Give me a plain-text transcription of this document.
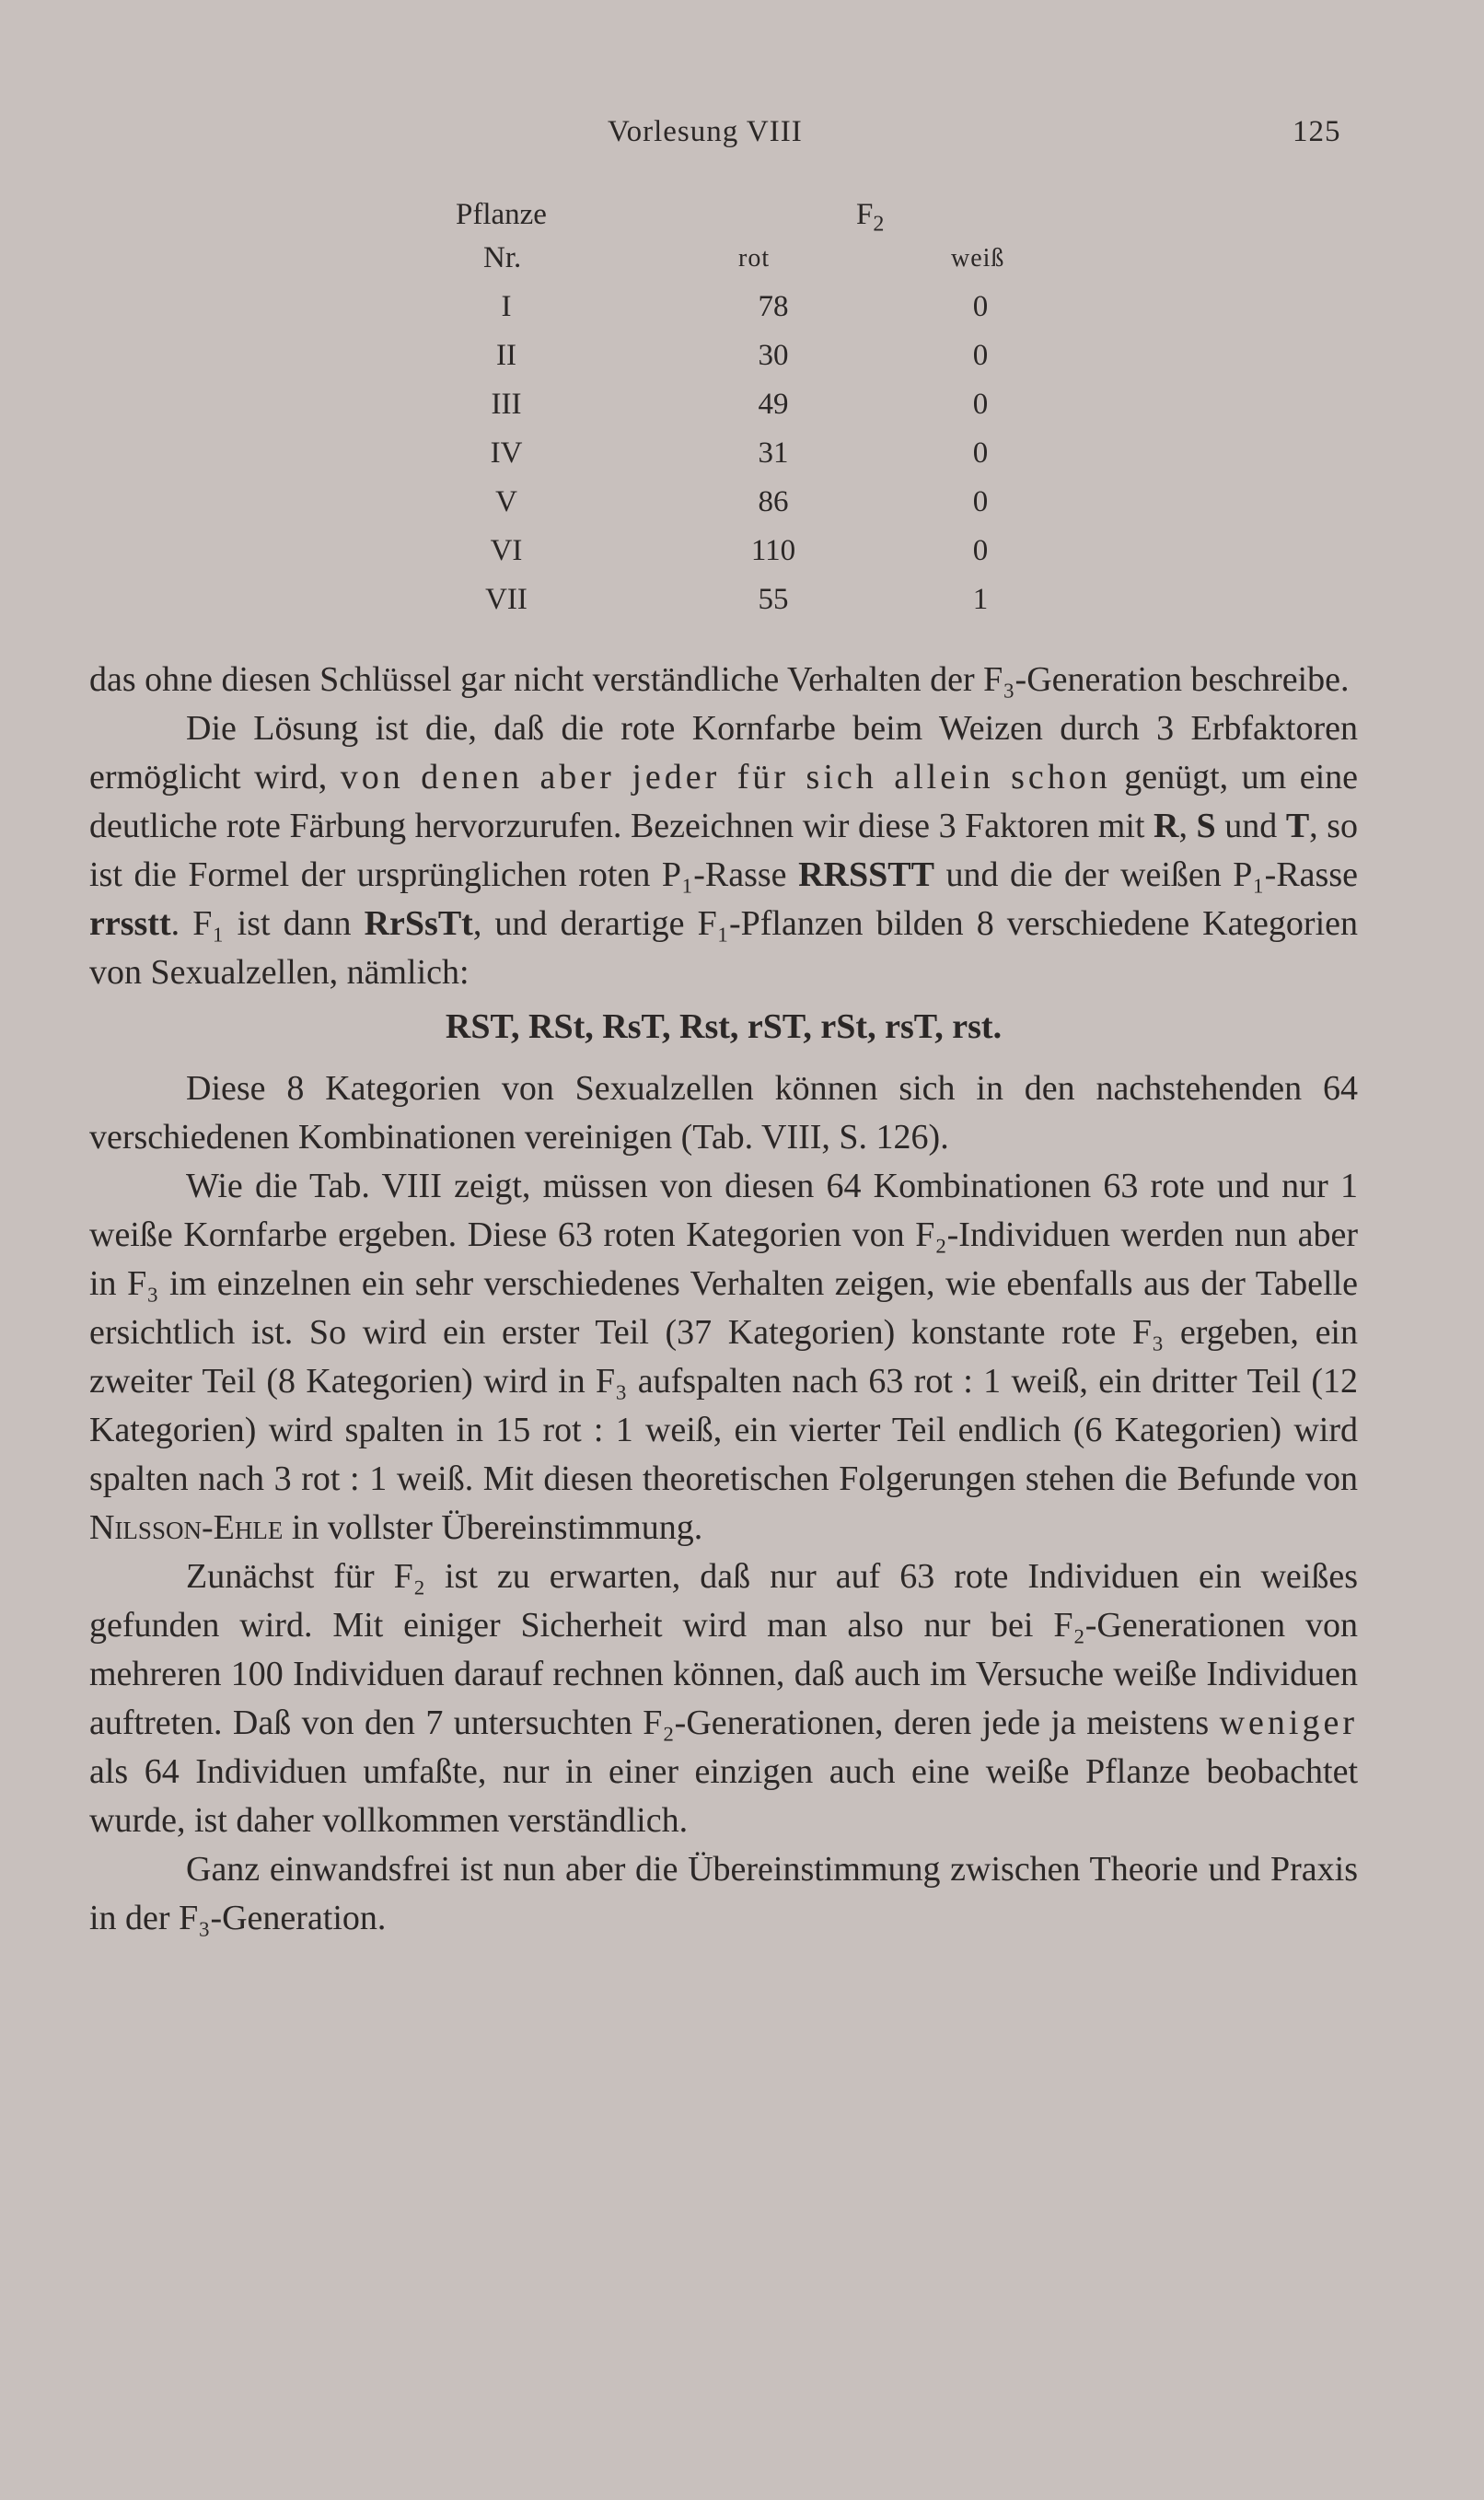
Vorlesung VIII	125
Pflanze	$F_2$
Nr.	rot	weiß
I	78	0
II	30	0
III	49	0
IV	31	0
V	86	0
VI	110	0
VII	55	1

das ohne diesen Schlüssel gar nicht verständliche Verhalten der F₃-Generation beschreibe.

Die Lösung ist die, daß die rote Kornfarbe beim Weizen durch 3 Erbfaktoren ermöglicht wird, von denen aber jeder für sich allein schon genügt, um eine deutliche rote Färbung hervorzurufen. Bezeichnen wir diese 3 Faktoren mit R, S und T, so ist die Formel der ursprünglichen roten P₁-Rasse RRSSTT und die der weißen P₁-Rasse rrsstt. F₁ ist dann RrSsTt, und derartige F₁-Pflanzen bilden 8 verschiedene Kategorien von Sexualzellen, nämlich:

RST, RSt, RsT, Rst, rST, rSt, rsT, rst.

Diese 8 Kategorien von Sexualzellen können sich in den nachstehenden 64 verschiedenen Kombinationen vereinigen (Tab. VIII, S. 126).

Wie die Tab. VIII zeigt, müssen von diesen 64 Kombinationen 63 rote und nur 1 weiße Kornfarbe ergeben. Diese 63 roten Kategorien von F₂-Individuen werden nun aber in F₃ im einzelnen ein sehr verschiedenes Verhalten zeigen, wie ebenfalls aus der Tabelle ersichtlich ist. So wird ein erster Teil (37 Kategorien) konstante rote F₃ ergeben, ein zweiter Teil (8 Kategorien) wird in F₃ aufspalten nach 63 rot : 1 weiß, ein dritter Teil (12 Kategorien) wird spalten in 15 rot : 1 weiß, ein vierter Teil endlich (6 Kategorien) wird spalten nach 3 rot : 1 weiß. Mit diesen theoretischen Folgerungen stehen die Befunde von Nilsson-Ehle in vollster Übereinstimmung.

Zunächst für F₂ ist zu erwarten, daß nur auf 63 rote Individuen ein weißes gefunden wird. Mit einiger Sicherheit wird man also nur bei F₂-Generationen von mehreren 100 Individuen darauf rechnen können, daß auch im Versuche weiße Individuen auftreten. Daß von den 7 untersuchten F₂-Generationen, deren jede ja meistens weniger als 64 Individuen umfaßte, nur in einer einzigen auch eine weiße Pflanze beobachtet wurde, ist daher vollkommen verständlich.

Ganz einwandsfrei ist nun aber die Übereinstimmung zwischen Theorie und Praxis in der F₃-Generation.
